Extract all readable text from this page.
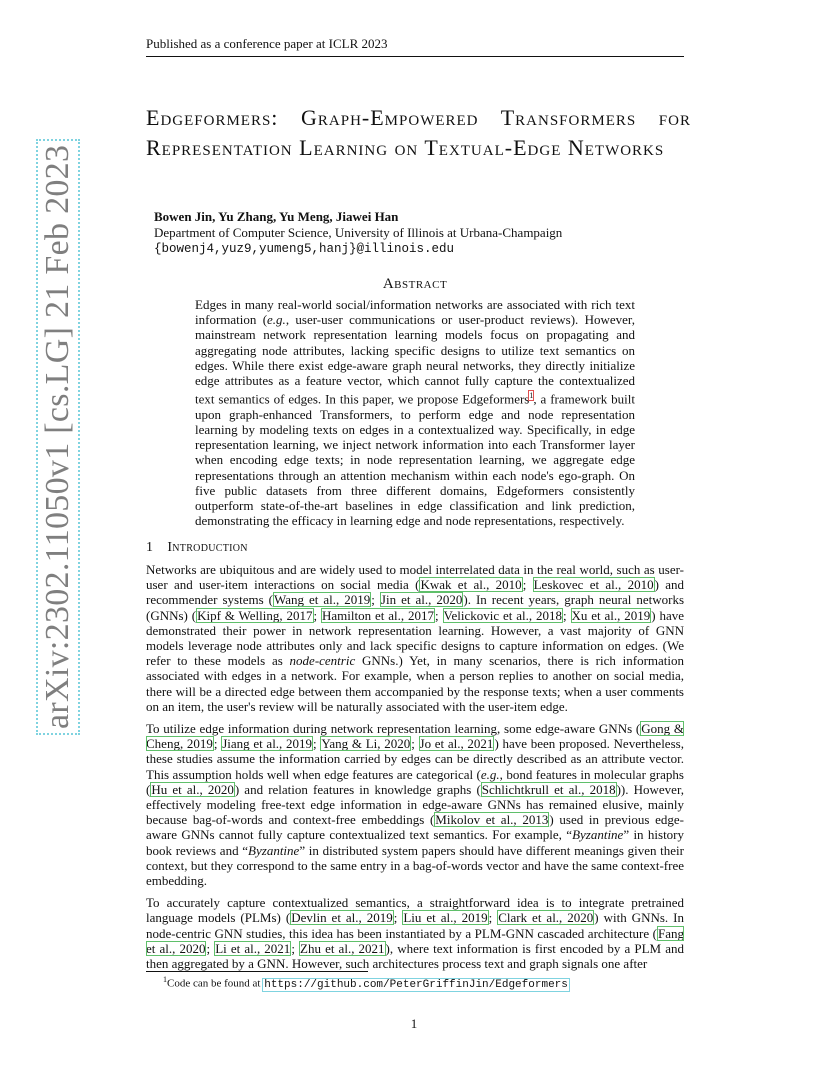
Published as a conference paper at ICLR 2023
arXiv:2302.11050v1 [cs.LG] 21 Feb 2023
Edgeformers: Graph-Empowered Transformers for Representation Learning on Textual-Edge Networks
Bowen Jin, Yu Zhang, Yu Meng, Jiawei Han
Department of Computer Science, University of Illinois at Urbana-Champaign
{bowenj4,yuz9,yumeng5,hanj}@illinois.edu
Abstract

Edges in many real-world social/information networks are associated with rich text information (e.g., user-user communications or user-product reviews). However, mainstream network representation learning models focus on propagating and aggregating node attributes, lacking specific designs to utilize text semantics on edges. While there exist edge-aware graph neural networks, they directly initialize edge attributes as a feature vector, which cannot fully capture the contextualized text semantics of edges. In this paper, we propose Edgeformers$^1$, a framework built upon graph-enhanced Transformers, to perform edge and node representation learning by modeling texts on edges in a contextualized way. Specifically, in edge representation learning, we inject network information into each Transformer layer when encoding edge texts; in node representation learning, we aggregate edge representations through an attention mechanism within each node's ego-graph. On five public datasets from three different domains, Edgeformers consistently outperform state-of-the-art baselines in edge classification and link prediction, demonstrating the efficacy in learning edge and node representations, respectively.

1 Introduction

Networks are ubiquitous and are widely used to model interrelated data in the real world, such as user-user and user-item interactions on social media (Kwak et al., 2010; Leskovec et al., 2010) and recommender systems (Wang et al., 2019; Jin et al., 2020). In recent years, graph neural networks (GNNs) (Kipf & Welling, 2017; Hamilton et al., 2017; Velickovic et al., 2018; Xu et al., 2019) have demonstrated their power in network representation learning. However, a vast majority of GNN models leverage node attributes only and lack specific designs to capture information on edges. (We refer to these models as node-centric GNNs.) Yet, in many scenarios, there is rich information associated with edges in a network. For example, when a person replies to another on social media, there will be a directed edge between them accompanied by the response texts; when a user comments on an item, the user's review will be naturally associated with the user-item edge.

To utilize edge information during network representation learning, some edge-aware GNNs (Gong & Cheng, 2019; Jiang et al., 2019; Yang & Li, 2020; Jo et al., 2021) have been proposed. Nevertheless, these studies assume the information carried by edges can be directly described as an attribute vector. This assumption holds well when edge features are categorical (e.g., bond features in molecular graphs (Hu et al., 2020) and relation features in knowledge graphs (Schlichtkrull et al., 2018)). However, effectively modeling free-text edge information in edge-aware GNNs has remained elusive, mainly because bag-of-words and context-free embeddings (Mikolov et al., 2013) used in previous edge-aware GNNs cannot fully capture contextualized text semantics. For example, “Byzantine” in history book reviews and “Byzantine” in distributed system papers should have different meanings given their context, but they correspond to the same entry in a bag-of-words vector and have the same context-free embedding.

To accurately capture contextualized semantics, a straightforward idea is to integrate pretrained language models (PLMs) (Devlin et al., 2019; Liu et al., 2019; Clark et al., 2020) with GNNs. In node-centric GNN studies, this idea has been instantiated by a PLM-GNN cascaded architecture (Fang et al., 2020; Li et al., 2021; Zhu et al., 2021), where text information is first encoded by a PLM and then aggregated by a GNN. However, such architectures process text and graph signals one after

$^1$Code can be found at https://github.com/PeterGriffinJin/Edgeformers
1
